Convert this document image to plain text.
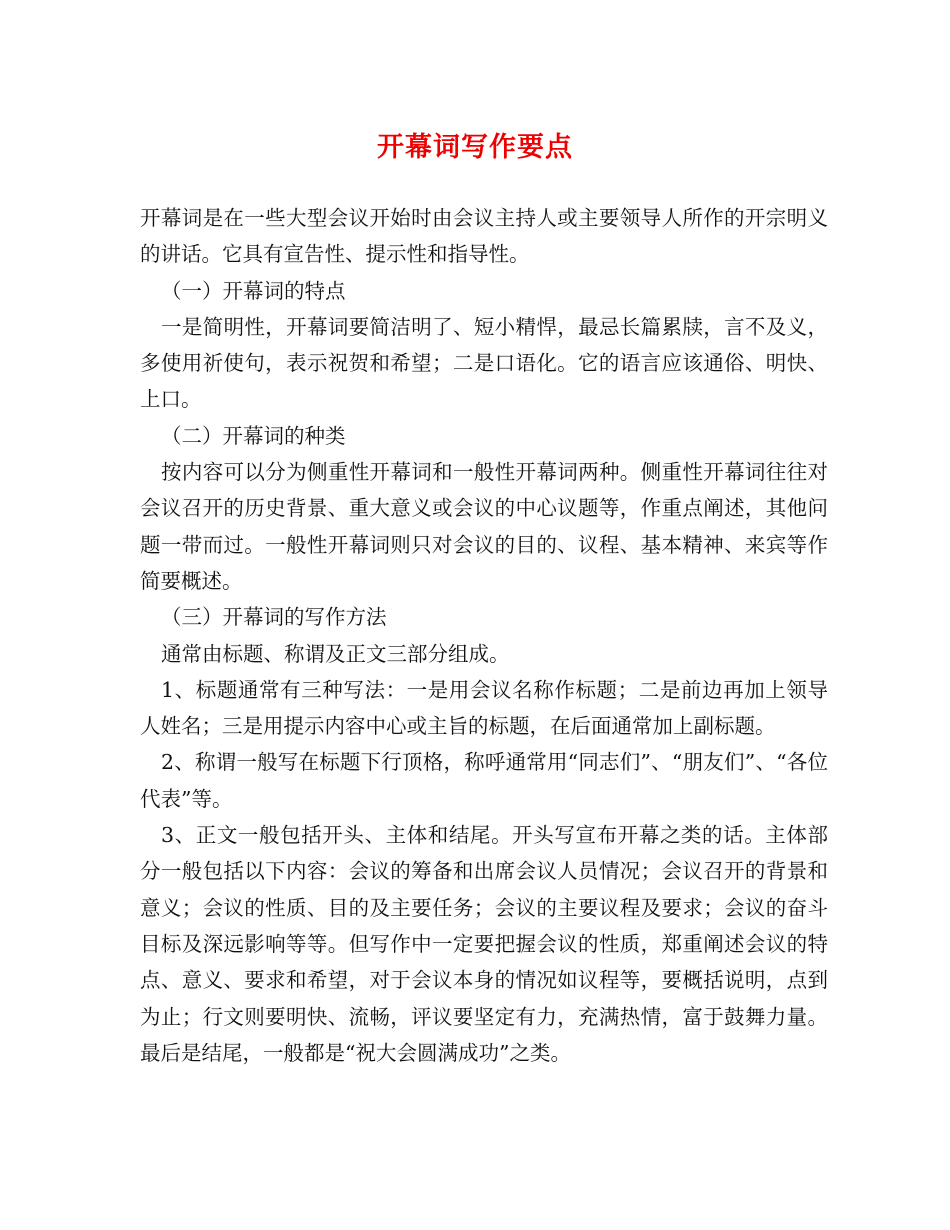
开幕词写作要点

开幕词是在一些大型会议开始时由会议主持人或主要领导人所作的开宗明义的讲话。它具有宣告性、提示性和指导性。

（一）开幕词的特点

一是简明性，开幕词要简洁明了、短小精悍，最忌长篇累牍，言不及义，多使用祈使句，表示祝贺和希望；二是口语化。它的语言应该通俗、明快、上口。

（二）开幕词的种类

按内容可以分为侧重性开幕词和一般性开幕词两种。侧重性开幕词往往对会议召开的历史背景、重大意义或会议的中心议题等，作重点阐述，其他问题一带而过。一般性开幕词则只对会议的目的、议程、基本精神、来宾等作简要概述。

（三）开幕词的写作方法

通常由标题、称谓及正文三部分组成。

1、标题通常有三种写法：一是用会议名称作标题；二是前边再加上领导人姓名；三是用提示内容中心或主旨的标题，在后面通常加上副标题。

2、称谓一般写在标题下行顶格，称呼通常用“同志们”、“朋友们”、“各位代表”等。

3、正文一般包括开头、主体和结尾。开头写宣布开幕之类的话。主体部分一般包括以下内容：会议的筹备和出席会议人员情况；会议召开的背景和意义；会议的性质、目的及主要任务；会议的主要议程及要求；会议的奋斗目标及深远影响等等。但写作中一定要把握会议的性质，郑重阐述会议的特点、意义、要求和希望，对于会议本身的情况如议程等，要概括说明，点到为止；行文则要明快、流畅，评议要坚定有力，充满热情，富于鼓舞力量。最后是结尾，一般都是“祝大会圆满成功”之类。
